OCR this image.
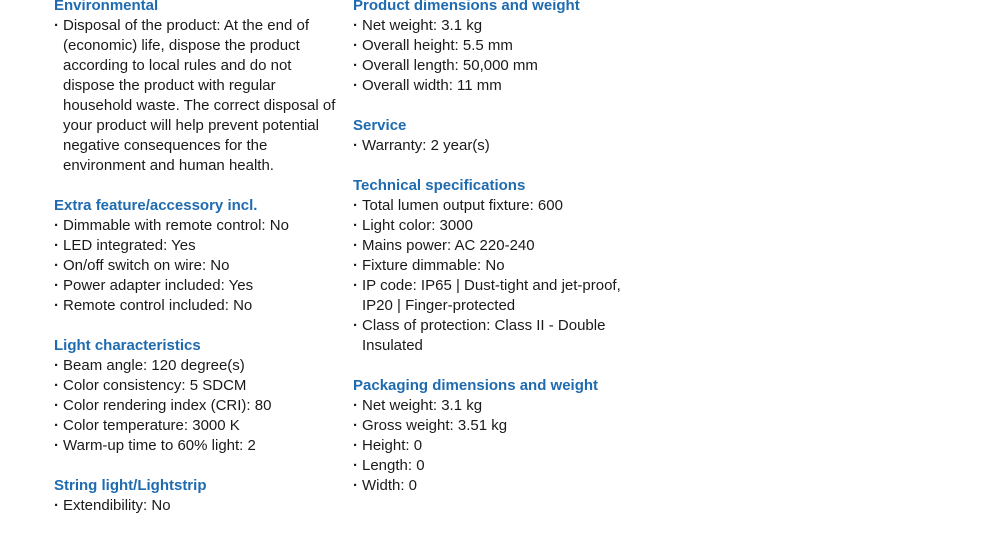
Environmental
· Disposal of the product: At the end of (economic) life, dispose the product according to local rules and do not dispose the product with regular household waste. The correct disposal of your product will help prevent potential negative consequences for the environment and human health.
Extra feature/accessory incl.
· Dimmable with remote control: No
· LED integrated: Yes
· On/off switch on wire: No
· Power adapter included: Yes
· Remote control included: No
Light characteristics
· Beam angle: 120 degree(s)
· Color consistency: 5 SDCM
· Color rendering index (CRI): 80
· Color temperature: 3000 K
· Warm-up time to 60% light: 2
String light/Lightstrip
· Extendibility: No
Product dimensions and weight
· Net weight: 3.1 kg
· Overall height: 5.5 mm
· Overall length: 50,000 mm
· Overall width: 11 mm
Service
· Warranty: 2 year(s)
Technical specifications
· Total lumen output fixture: 600
· Light color: 3000
· Mains power: AC 220-240
· Fixture dimmable: No
· IP code: IP65 | Dust-tight and jet-proof, IP20 | Finger-protected
· Class of protection: Class II - Double Insulated
Packaging dimensions and weight
· Net weight: 3.1 kg
· Gross weight: 3.51 kg
· Height: 0
· Length: 0
· Width: 0
